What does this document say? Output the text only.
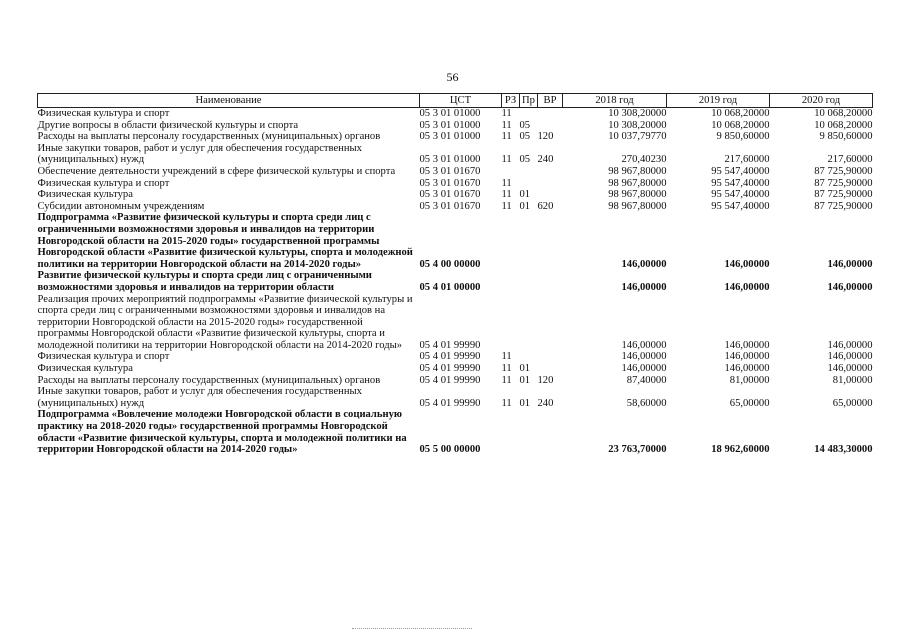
56
Наименование	ЦСТ	РЗ	Пр	ВР	2018 год	2019 год	2020 год
Физическая культура и спорт	05 3 01 01000	11			10 308,20000	10 068,20000	10 068,20000
Другие вопросы в области физической культуры и спорта	05 3 01 01000	11	05		10 308,20000	10 068,20000	10 068,20000
Расходы на выплаты персоналу государственных (муниципальных) органов	05 3 01 01000	11	05	120	10 037,79770	9 850,60000	9 850,60000
Иные закупки товаров, работ и услуг для обеспечения государственных (муниципальных) нужд	05 3 01 01000	11	05	240	270,40230	217,60000	217,60000
Обеспечение деятельности учреждений в сфере физической культуры и спорта	05 3 01 01670				98 967,80000	95 547,40000	87 725,90000
Физическая культура и спорт	05 3 01 01670	11			98 967,80000	95 547,40000	87 725,90000
Физическая культура	05 3 01 01670	11	01		98 967,80000	95 547,40000	87 725,90000
Субсидии автономным учреждениям	05 3 01 01670	11	01	620	98 967,80000	95 547,40000	87 725,90000
Подпрограмма «Развитие физической культуры и спорта среди лиц с ограниченными возможностями здоровья и инвалидов на территории Новгородской области на 2015-2020 годы» государственной программы Новгородской области «Развитие физической культуры, спорта и молодежной политики на территории Новгородской области на 2014-2020 годы»	05 4 00 00000				146,00000	146,00000	146,00000
Развитие физической культуры и спорта среди лиц с ограниченными возможностями здоровья и инвалидов на территории области	05 4 01 00000				146,00000	146,00000	146,00000
Реализация прочих мероприятий подпрограммы «Развитие физической культуры и спорта среди лиц с ограниченными возможностями здоровья и инвалидов на территории Новгородской области на 2015-2020 годы» государственной программы Новгородской области «Развитие физической культуры, спорта и молодежной политики на территории Новгородской области на 2014-2020 годы»	05 4 01 99990				146,00000	146,00000	146,00000
Физическая культура и спорт	05 4 01 99990	11			146,00000	146,00000	146,00000
Физическая культура	05 4 01 99990	11	01		146,00000	146,00000	146,00000
Расходы на выплаты персоналу государственных (муниципальных) органов	05 4 01 99990	11	01	120	87,40000	81,00000	81,00000
Иные закупки товаров, работ и услуг для обеспечения государственных (муниципальных) нужд	05 4 01 99990	11	01	240	58,60000	65,00000	65,00000
Подпрограмма «Вовлечение молодежи Новгородской области в социальную практику на 2018-2020 годы» государственной программы Новгородской области «Развитие физической культуры, спорта и молодежной политики на территории Новгородской области на 2014-2020 годы»	05 5 00 00000				23 763,70000	18 962,60000	14 483,30000
